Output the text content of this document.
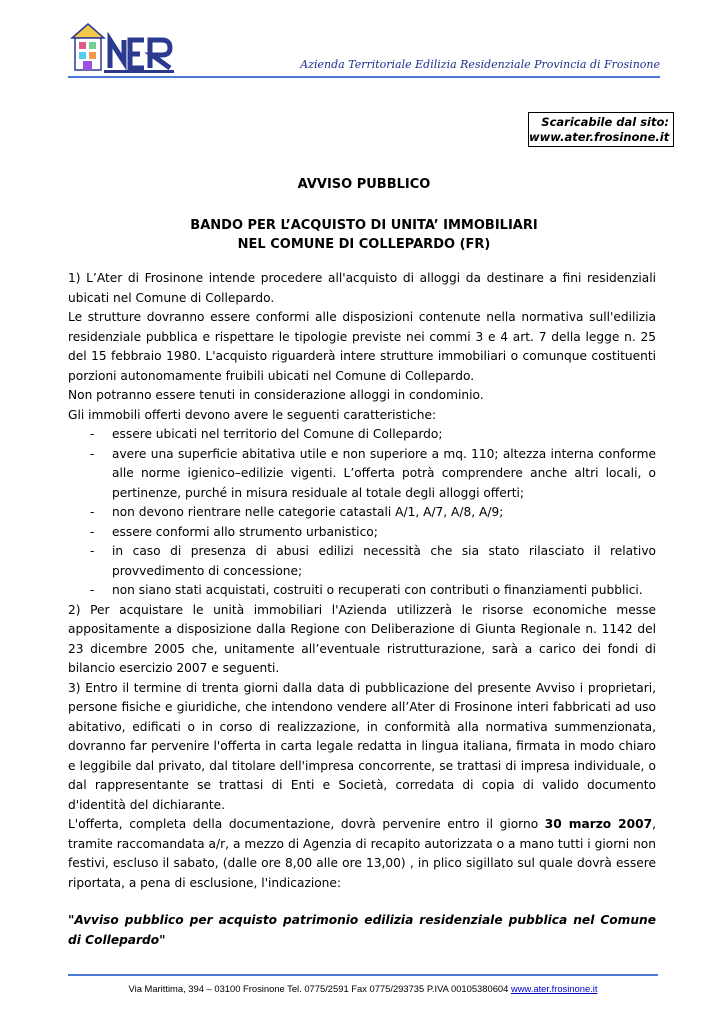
Azienda Territoriale Edilizia Residenziale Provincia di Frosinone
Scaricabile dal sito:
www.ater.frosinone.it
AVVISO PUBBLICO
BANDO PER L’ACQUISTO DI UNITA’ IMMOBILIARI
NEL COMUNE DI COLLEPARDO (FR)

1) L’Ater di Frosinone intende procedere all'acquisto di alloggi da destinare a fini residenziali ubicati nel Comune di Collepardo.

Le strutture dovranno essere conformi alle disposizioni contenute nella normativa sull'edilizia residenziale pubblica e rispettare le tipologie previste nei commi 3 e 4 art. 7 della legge n. 25 del 15 febbraio 1980. L'acquisto riguarderà intere strutture immobiliari o comunque costituenti porzioni autonomamente fruibili ubicati nel Comune di Collepardo.

Non potranno essere tenuti in considerazione alloggi in condominio.

Gli immobili offerti devono avere le seguenti caratteristiche:

- essere ubicati nel territorio del Comune di Collepardo;
- avere una superficie abitativa utile e non superiore a mq. 110; altezza interna conforme alle norme igienico–edilizie vigenti. L’offerta potrà comprendere anche altri locali, o pertinenze, purché in misura residuale al totale degli alloggi offerti;
- non devono rientrare nelle categorie catastali A/1, A/7, A/8, A/9;
- essere conformi allo strumento urbanistico;
- in caso di presenza di abusi edilizi necessità che sia stato rilasciato il relativo provvedimento di concessione;
- non siano stati acquistati, costruiti o recuperati con contributi o finanziamenti pubblici.

2) Per acquistare le unità immobiliari l'Azienda utilizzerà le risorse economiche messe appositamente a disposizione dalla Regione con Deliberazione di Giunta Regionale n. 1142 del 23 dicembre 2005 che, unitamente all’eventuale ristrutturazione, sarà a carico dei fondi di bilancio esercizio 2007 e seguenti.

3) Entro il termine di trenta giorni dalla data di pubblicazione del presente Avviso i proprietari, persone fisiche e giuridiche, che intendono vendere all’Ater di Frosinone interi fabbricati ad uso abitativo, edificati o in corso di realizzazione, in conformità alla normativa summenzionata, dovranno far pervenire l'offerta in carta legale redatta in lingua italiana, firmata in modo chiaro e leggibile dal privato, dal titolare dell'impresa concorrente, se trattasi di impresa individuale, o dal rappresentante se trattasi di Enti e Società, corredata di copia di valido documento d'identità del dichiarante.

L'offerta, completa della documentazione, dovrà pervenire entro il giorno 30 marzo 2007, tramite raccomandata a/r, a mezzo di Agenzia di recapito autorizzata o a mano tutti i giorni non festivi, escluso il sabato, (dalle ore 8,00 alle ore 13,00) , in plico sigillato sul quale dovrà essere riportata, a pena di esclusione, l'indicazione:

"Avviso pubblico per acquisto patrimonio edilizia residenziale pubblica nel Comune di Collepardo"

Via Marittima, 394 – 03100 Frosinone Tel. 0775/2591 Fax 0775/293735 P.IVA 00105380604 www.ater.frosinone.it
